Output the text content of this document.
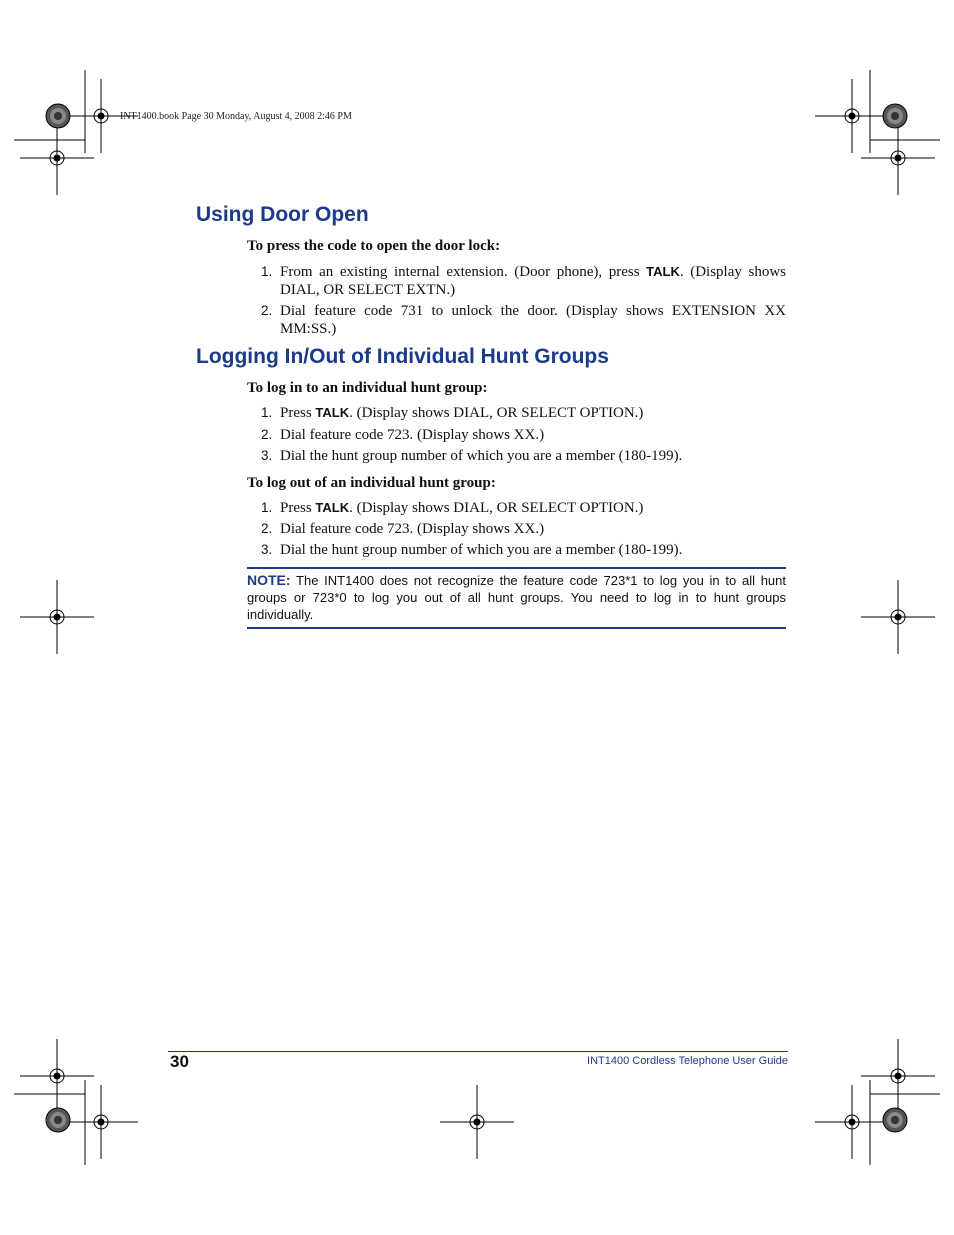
INT1400.book Page 30 Monday, August 4, 2008 2:46 PM
Using Door Open
To press the code to open the door lock:
1. From an existing internal extension. (Door phone), press TALK. (Display shows DIAL, OR SELECT EXTN.)
2. Dial feature code 731 to unlock the door. (Display shows EXTENSION XX MM:SS.)
Logging In/Out of Individual Hunt Groups
To log in to an individual hunt group:
1. Press TALK. (Display shows DIAL, OR SELECT OPTION.)
2. Dial feature code 723. (Display shows XX.)
3. Dial the hunt group number of which you are a member (180-199).
To log out of an individual hunt group:
1. Press TALK. (Display shows DIAL, OR SELECT OPTION.)
2. Dial feature code 723. (Display shows XX.)
3. Dial the hunt group number of which you are a member (180-199).
NOTE: The INT1400 does not recognize the feature code 723*1 to log you in to all hunt groups or 723*0 to log you out of all hunt groups. You need to log in to hunt groups individually.
30	INT1400 Cordless Telephone User Guide
